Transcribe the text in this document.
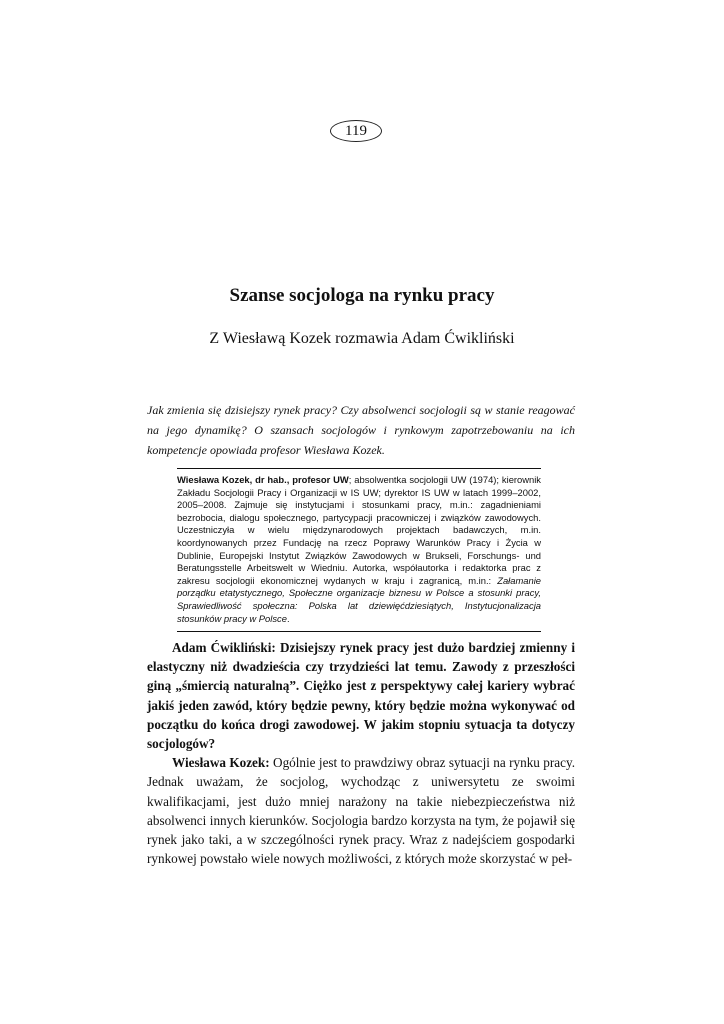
119
Szanse socjologa na rynku pracy
Z Wiesławą Kozek rozmawia Adam Ćwikliński
Jak zmienia się dzisiejszy rynek pracy? Czy absolwenci socjologii są w stanie reagować na jego dynamikę? O szansach socjologów i rynkowym zapotrzebowaniu na ich kompetencje opowiada profesor Wiesława Kozek.
Wiesława Kozek, dr hab., profesor UW; absolwentka socjologii UW (1974); kierownik Zakładu Socjologii Pracy i Organizacji w IS UW; dyrektor IS UW w latach 1999–2002, 2005–2008. Zajmuje się instytucjami i stosunkami pracy, m.in.: zagadnieniami bezrobocia, dialogu społecznego, partycypacji pracowniczej i związków zawodowych. Uczestniczyła w wielu międzynarodowych projektach badawczych, m.in. koordynowanych przez Fundację na rzecz Poprawy Warunków Pracy i Życia w Dublinie, Europejski Instytut Związków Zawodowych w Brukseli, Forschungs- und Beratungsstelle Arbeitswelt w Wiedniu. Autorka, współautorka i redaktorka prac z zakresu socjologii ekonomicznej wydanych w kraju i zagranicą, m.in.: Załamanie porządku etatystycznego, Społeczne organizacje biznesu w Polsce a stosunki pracy, Sprawiedliwość społeczna: Polska lat dziewięćdziesiątych, Instytucjonalizacja stosunków pracy w Polsce.

Adam Ćwikliński: Dzisiejszy rynek pracy jest dużo bardziej zmienny i elastyczny niż dwadzieścia czy trzydzieści lat temu. Zawody z przeszłości giną „śmiercią naturalną”. Ciężko jest z perspektywy całej kariery wybrać jakiś jeden zawód, który będzie pewny, który będzie można wykonywać od początku do końca drogi zawodowej. W jakim stopniu sytuacja ta dotyczy socjologów?

Wiesława Kozek: Ogólnie jest to prawdziwy obraz sytuacji na rynku pracy. Jednak uważam, że socjolog, wychodząc z uniwersytetu ze swoimi kwalifikacjami, jest dużo mniej narażony na takie niebezpieczeństwa niż absolwenci innych kierunków. Socjologia bardzo korzysta na tym, że pojawił się rynek jako taki, a w szczególności rynek pracy. Wraz z nadejściem gospodarki rynkowej powstało wiele nowych możliwości, z których może skorzystać w peł-
